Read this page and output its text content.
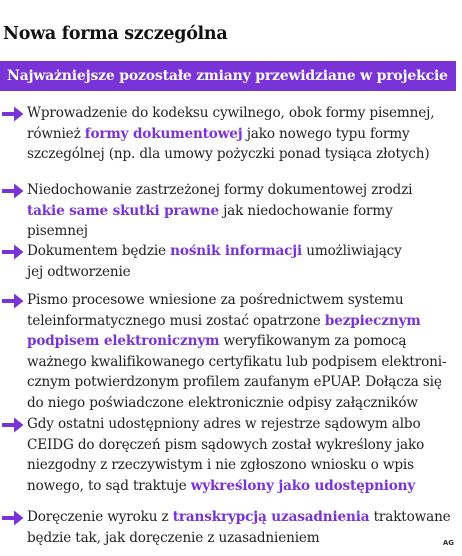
Nowa forma szczególna
Najważniejsze pozostałe zmiany przewidziane w projekcie
Wprowadzenie do kodeksu cywilnego, obok formy pisemnej,
również formy dokumentowej jako nowego typu formy
szczególnej (np. dla umowy pożyczki ponad tysiąca złotych)
Niedochowanie zastrzeżonej formy dokumentowej zrodzi
takie same skutki prawne jak niedochowanie formy
pisemnej
Dokumentem będzie nośnik informacji umożliwiający
jej odtworzenie
Pismo procesowe wniesione za pośrednictwem systemu
teleinformatycznego musi zostać opatrzone bezpiecznym
podpisem elektronicznym weryfikowanym za pomocą
ważnego kwalifikowanego certyfikatu lub podpisem elektroni-
cznym potwierdzonym profilem zaufanym ePUAP. Dołącza się
do niego poświadczone elektronicznie odpisy załączników
Gdy ostatni udostępniony adres w rejestrze sądowym albo
CEIDG do doręczeń pism sądowych został wykreślony jako
niezgodny z rzeczywistym i nie zgłoszono wniosku o wpis
nowego, to sąd traktuje wykreślony jako udostępniony
Doręczenie wyroku z transkrypcją uzasadnienia traktowane
będzie tak, jak doręczenie z uzasadnieniem	AG
